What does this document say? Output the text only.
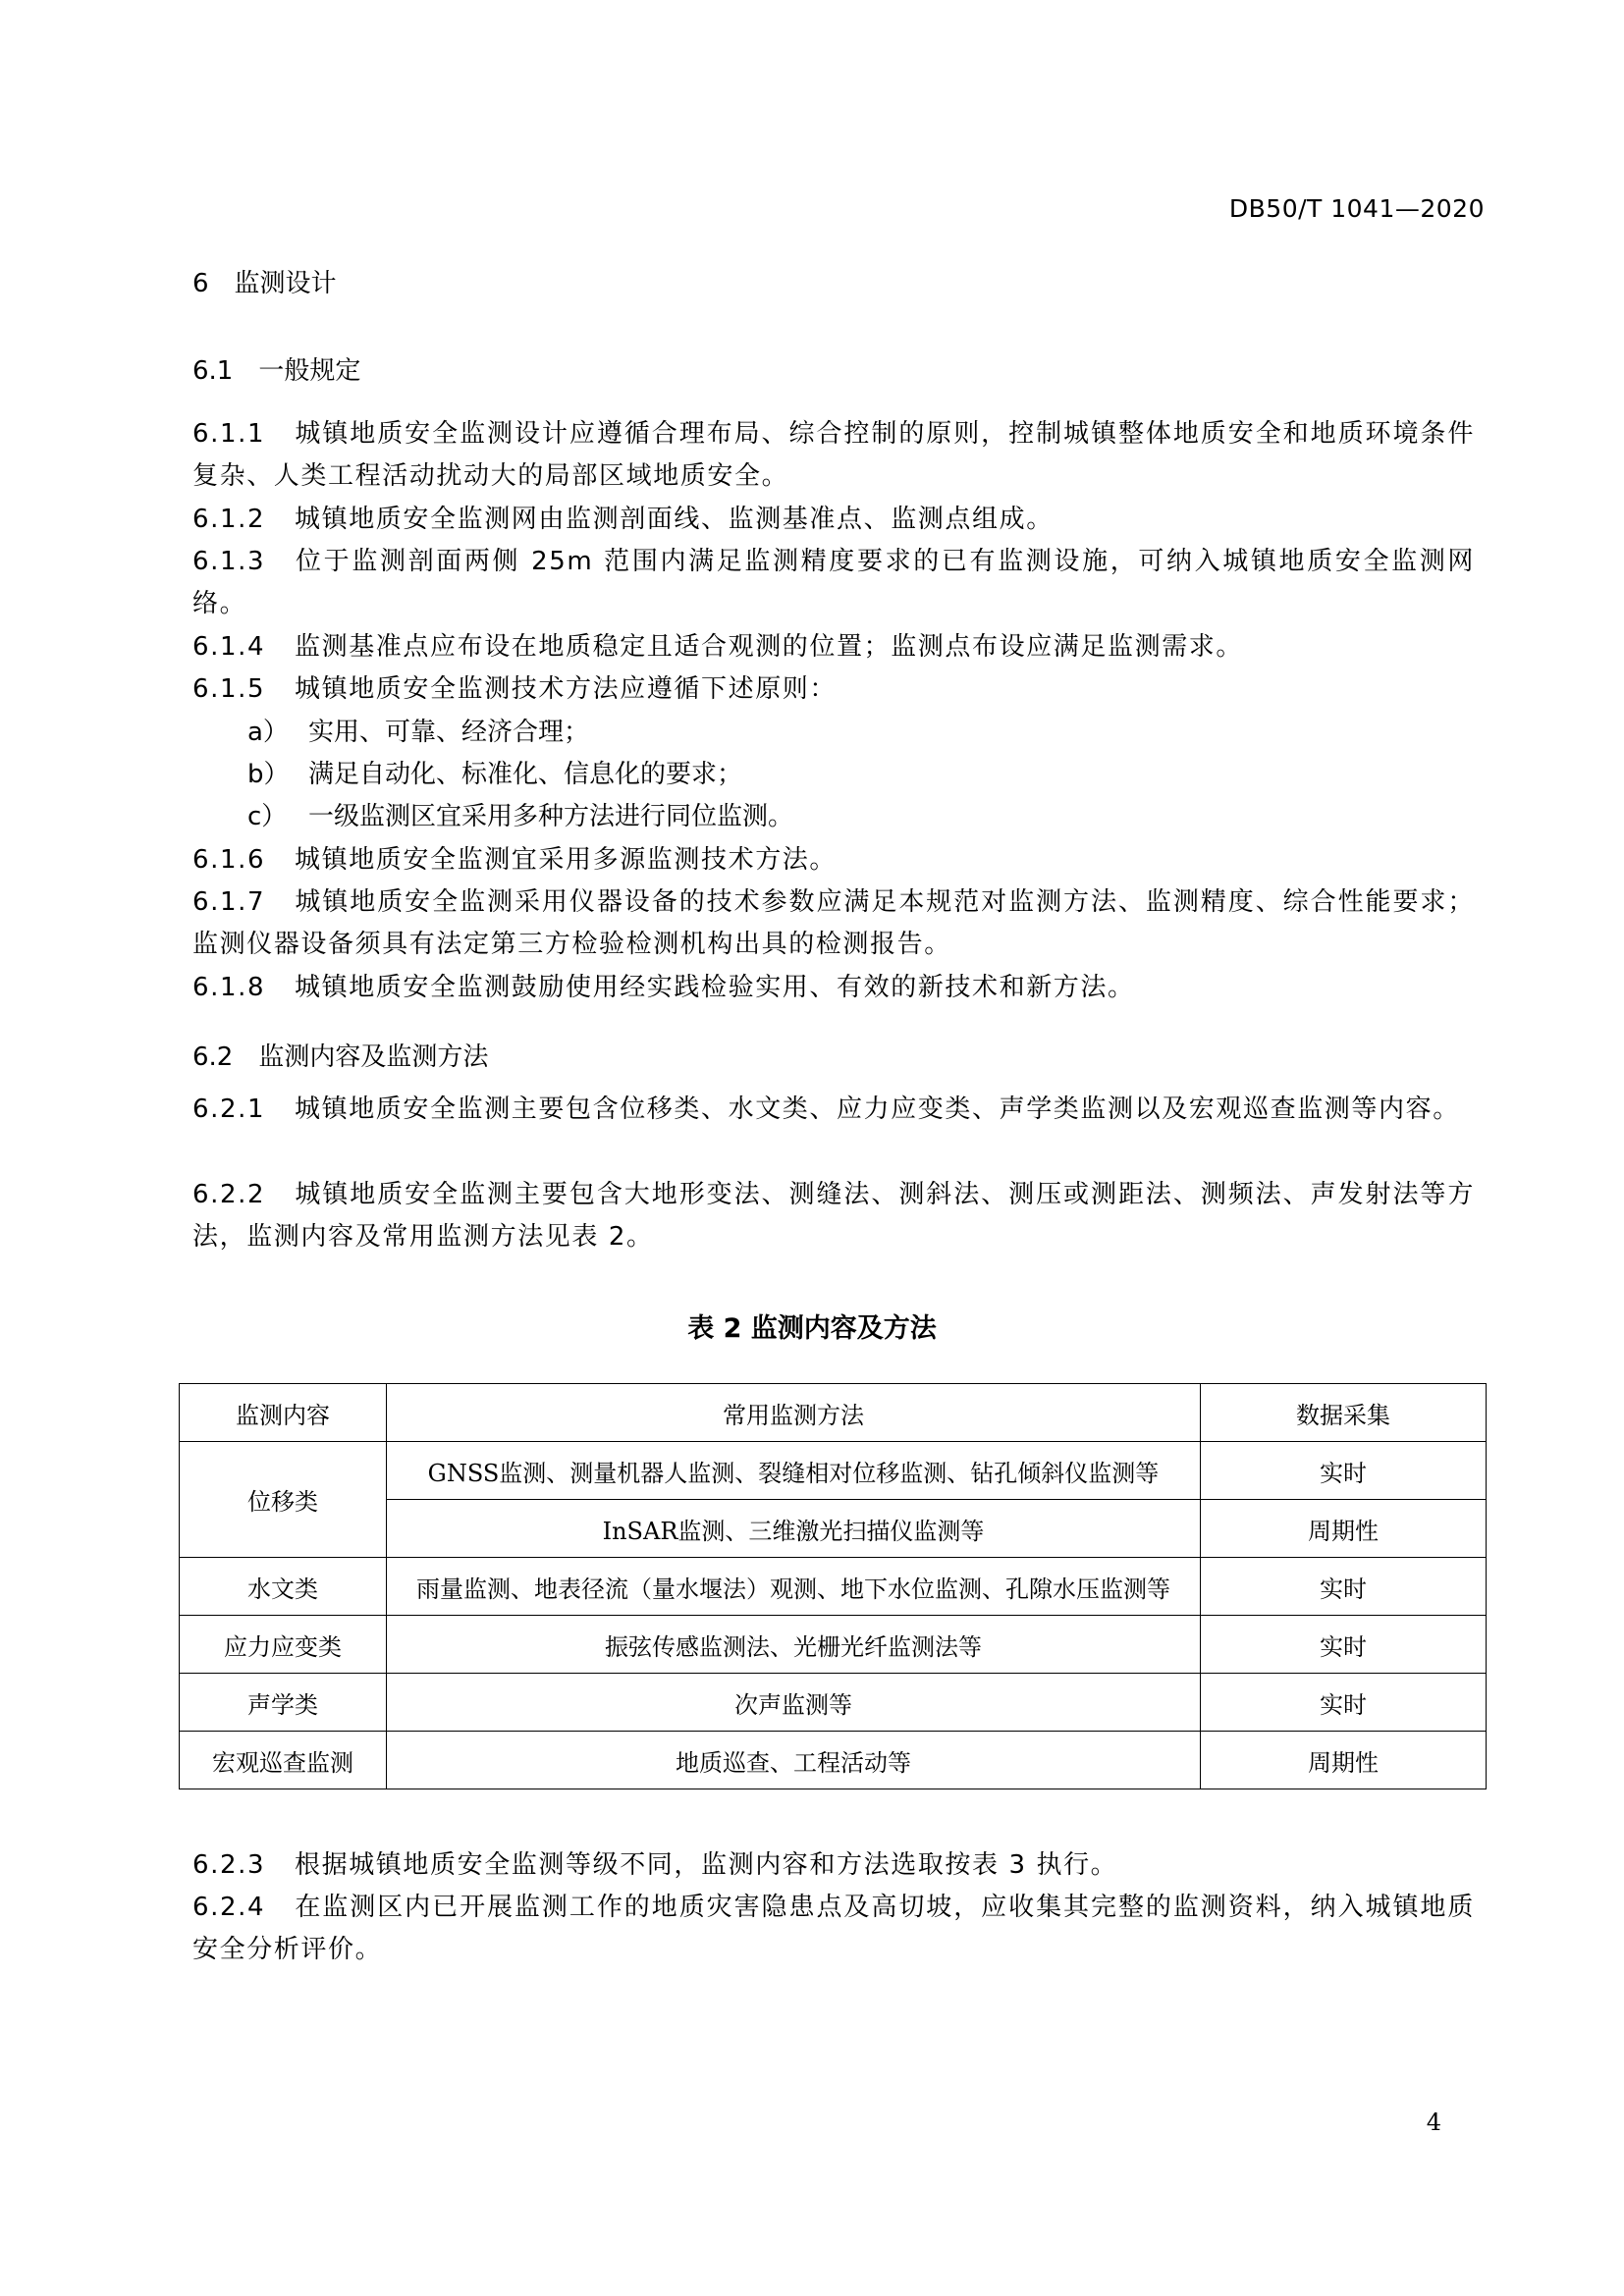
DB50/T 1041—2020
6 监测设计
6.1 一般规定

6.1.1 城镇地质安全监测设计应遵循合理布局、综合控制的原则，控制城镇整体地质安全和地质环境条件复杂、人类工程活动扰动大的局部区域地质安全。

6.1.2 城镇地质安全监测网由监测剖面线、监测基准点、监测点组成。

6.1.3 位于监测剖面两侧 25m 范围内满足监测精度要求的已有监测设施，可纳入城镇地质安全监测网络。

6.1.4 监测基准点应布设在地质稳定且适合观测的位置；监测点布设应满足监测需求。

6.1.5 城镇地质安全监测技术方法应遵循下述原则：

a） 实用、可靠、经济合理；

b） 满足自动化、标准化、信息化的要求；

c） 一级监测区宜采用多种方法进行同位监测。

6.1.6 城镇地质安全监测宜采用多源监测技术方法。

6.1.7 城镇地质安全监测采用仪器设备的技术参数应满足本规范对监测方法、监测精度、综合性能要求；监测仪器设备须具有法定第三方检验检测机构出具的检测报告。

6.1.8 城镇地质安全监测鼓励使用经实践检验实用、有效的新技术和新方法。

6.2 监测内容及监测方法

6.2.1 城镇地质安全监测主要包含位移类、水文类、应力应变类、声学类监测以及宏观巡查监测等内容。

6.2.2 城镇地质安全监测主要包含大地形变法、测缝法、测斜法、测压或测距法、测频法、声发射法等方法，监测内容及常用监测方法见表 2。

表 2 监测内容及方法
监测内容	常用监测方法	数据采集
位移类	GNSS监测、测量机器人监测、裂缝相对位移监测、钻孔倾斜仪监测等	实时
	InSAR监测、三维激光扫描仪监测等	周期性
水文类	雨量监测、地表径流（量水堰法）观测、地下水位监测、孔隙水压监测等	实时
应力应变类	振弦传感监测法、光栅光纤监测法等	实时
声学类	次声监测等	实时
宏观巡查监测	地质巡查、工程活动等	周期性

6.2.3 根据城镇地质安全监测等级不同，监测内容和方法选取按表 3 执行。

6.2.4 在监测区内已开展监测工作的地质灾害隐患点及高切坡，应收集其完整的监测资料，纳入城镇地质安全分析评价。

4
